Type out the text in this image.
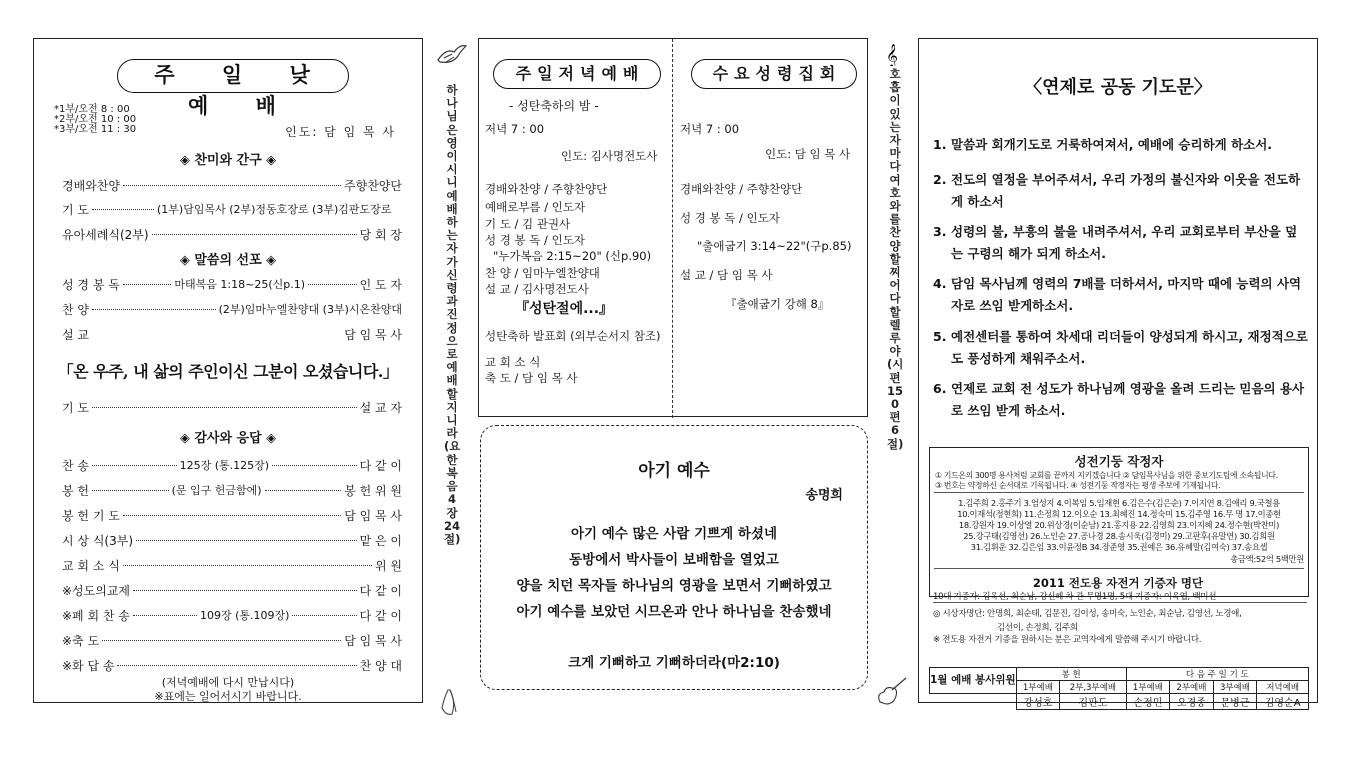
주 일 낮 예 배
*1부/오전 8 : 00
*2부/오전 10 : 00
*3부/오전 11 : 30	인도: 담 임 목 사
◈ 찬미와 간구 ◈
경배와찬양	주향찬양단
기 도	(1부)담임목사 (2부)정동호장로 (3부)김판도장로
유아세례식(2부)	당 회 장
◈ 말씀의 선포 ◈
성 경 봉 독	마태복음 1:18~25(신p.1)	인 도 자
찬 양	(2부)임마누엘찬양대 (3부)시온찬양대
설 교	담 임 목 사
「온 우주, 내 삶의 주인이신 그분이 오셨습니다.」
기 도	설 교 자
◈ 감사와 응답 ◈
찬 송	125장 (통.125장)	다 같 이
봉 헌	(문 입구 헌금함에)	봉 헌 위 원
봉 헌 기 도	담 임 목 사
시 상 식(3부)	맡 은 이
교 회 소 식	위 원
※성도의교제	다 같 이
※폐 회 찬 송	109장 (통.109장)	다 같 이
※축 도	담 임 목 사
※화 답 송	찬 양 대
(저녁예배에 다시 만납시다)
※표에는 일어서시기 바랍니다.
하나님은 영이시니 예배하는 자가 신령과 진정으로 예배할지니라(요한복음 4장 24절)
호흡이 있는 자마다 여호와를 찬양할찌어다 할렐루야(시편150편 6절)
𝄞
주일저녁예배
- 성탄축하의 밤 -
저녁 7 : 00
인도: 김사명전도사
경배와찬양 / 주향찬양단
예배로부름 / 인도자
기 도 / 김 관권사
성 경 봉 독 / 인도자
"누가복음 2:15~20" (신p.90)
찬 양 / 임마누엘찬양대
설 교 / 김사명전도사
『성탄절에...』
성탄축하 발표회 (외부순서지 참조)
교 회 소 식
축 도 / 담 임 목 사
수요성령집회
저녁 7 : 00
인도: 담 임 목 사
경배와찬양 / 주향찬양단
성 경 봉 독 / 인도자
"출애굽기 3:14~22"(구p.85)
설 교 / 담 임 목 사
『출애굽기 강해 8』
아기 예수
송명희
아기 예수 많은 사람 기쁘게 하셨네
동방에서 박사들이 보배함을 열었고
양을 치던 목자들 하나님의 영광을 보면서 기뻐하였고
아기 예수를 보았던 시므온과 안나 하나님을 찬송했네
크게 기뻐하고 기뻐하더라(마2:10)
〈연제로 공동 기도문〉
1. 말씀과 회개기도로 거룩하여져서, 예배에 승리하게 하소서.
2. 전도의 열정을 부어주셔서, 우리 가정의 불신자와 이웃을 전도하게 하소서
3. 성령의 불, 부흥의 불을 내려주셔서, 우리 교회로부터 부산을 덮는 구령의 해가 되게 하소서.
4. 담임 목사님께 영력의 7배를 더하셔서, 마지막 때에 능력의 사역자로 쓰임 받게하소서.
5. 예전센터를 통하여 차세대 리더들이 양성되게 하시고, 재정적으로도 풍성하게 채워주소서.
6. 연제로 교회 전 성도가 하나님께 영광을 올려 드리는 믿음의 용사로 쓰임 받게 하소서.
성전기둥 작정자
① 기드온의 300명 용사처럼 교회를 끝까지 지키겠습니다 ② 담임목사님을 위한 중보기도팀에 소속됩니다.
③ 번호는 약정하신 순서대로 기록됩니다. ④ 성전기둥 작정자는 평생 주보에 기재됩니다.
1.김주희 2.홍주기 3.엄성지 4.이복임 5.임재현 6.김은수(김은순) 7.이지연 8.김애리 9.국철용
10.이재석(정현희) 11.손정희 12.이오순 13.최혜진 14.정숙미 15.김주영 16.무 명 17.이종현
18.강원자 19.이상열 20.위상경(이순남) 21.홍지용 22.김영희 23.이지혜 24.정수현(박찬미)
25.강구태(김영선) 26.노인순 27.공나경 28.송시욱(김경미) 29.고판후(유말연) 30.김희원
31.김휘운 32.김은임 33.이윤정B 34.장준영 35.권예은 36.유혜말(김여숙) 37.송요셉
총금액:52억 5백만원
2011 전도용 자전거 기증자 명단
10대 기증자: 김옥선, 최순남, 강신혜 차 관 무명1명, 5대 기증자: 이옥엽, 백미선
◎ 시상자명단: 안명희, 최순태, 김문진, 김이성, 송미숙, 노인순, 최순남, 김영선, 노경애,
김선이, 손정희, 김주희
※ 전도용 자전거 기증을 원하시는 분은 교역자에게 말씀해 주시기 바랍니다.
1월 예배 봉사위원	봉 헌		다 음 주 일 기 도			
	1부예배	2부,3부예배	1부예배	2부예배	3부예배	저녁예배
	강성호	김판도	손정민	오경종	문병근	김영순A
